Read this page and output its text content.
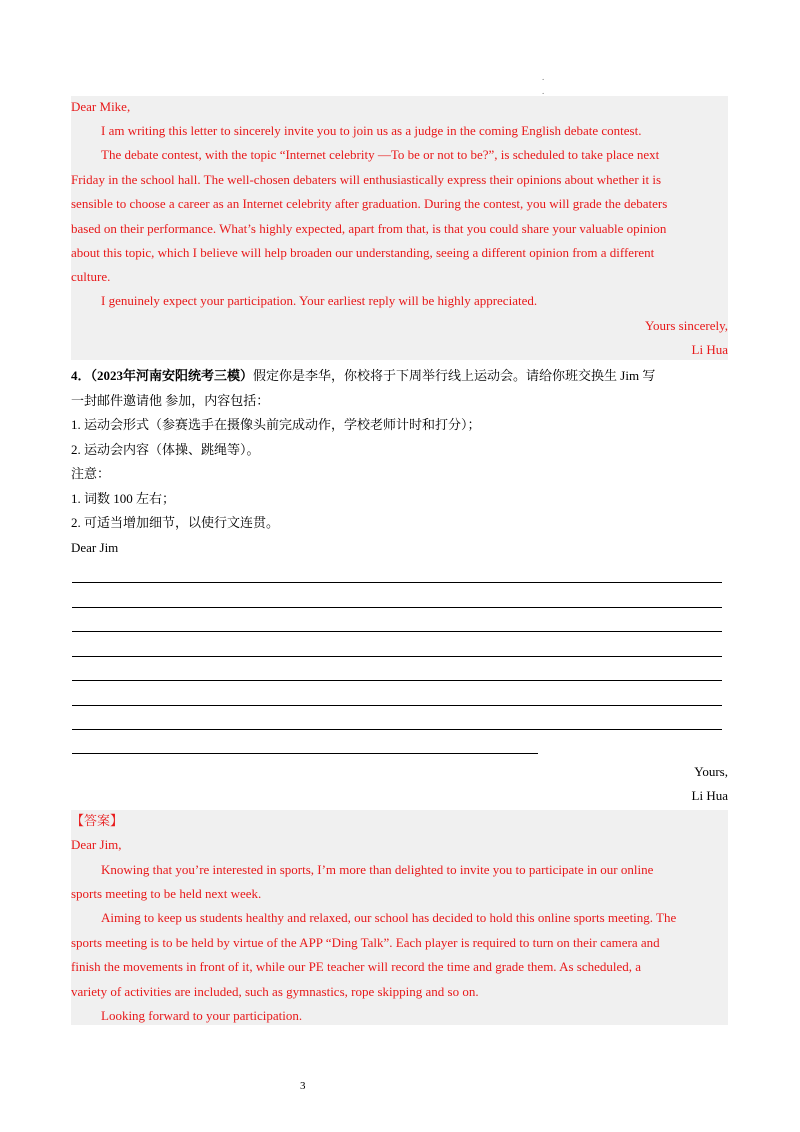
.
.
Dear Mike,
I am writing this letter to sincerely invite you to join us as a judge in the coming English debate contest.
The debate contest, with the topic “Internet celebrity —To be or not to be?”, is scheduled to take place next
Friday in the school hall. The well-chosen debaters will enthusiastically express their opinions about whether it is
sensible to choose a career as an Internet celebrity after graduation. During the contest, you will grade the debaters
based on their performance. What’s highly expected, apart from that, is that you could share your valuable opinion
about this topic, which I believe will help broaden our understanding, seeing a different opinion from a different
culture.
I genuinely expect your participation. Your earliest reply will be highly appreciated.
Yours sincerely,
Li Hua
4．（2023年河南安阳统考三模）假定你是李华，你校将于下周举行线上运动会。请给你班交换生 Jim 写
一封邮件邀请他 参加，内容包括：
1. 运动会形式（参赛选手在摄像头前完成动作，学校老师计时和打分）；
2. 运动会内容（体操、跳绳等）。
注意：
1. 词数 100 左右；
2. 可适当增加细节，以使行文连贯。
Dear Jim
Yours,
Li Hua
【答案】
Dear Jim,
Knowing that you’re interested in sports, I’m more than delighted to invite you to participate in our online
sports meeting to be held next week.
Aiming to keep us students healthy and relaxed, our school has decided to hold this online sports meeting. The
sports meeting is to be held by virtue of the APP “Ding Talk”. Each player is required to turn on their camera and
finish the movements in front of it, while our PE teacher will record the time and grade them. As scheduled, a
variety of activities are included, such as gymnastics, rope skipping and so on.
Looking forward to your participation.
3
